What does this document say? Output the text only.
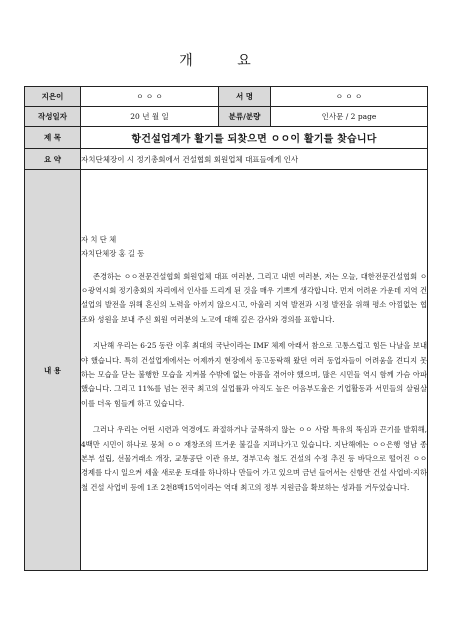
개 요
지은이	ㅇ ㅇ ㅇ	서 명	ㅇ ㅇ ㅇ
작성일자	20 년 월 일	분류/분량	인사문 / 2 page
제 목	항건설업계가 활기를 되찾으면 ㅇㅇ이 활기를 찾습니다		
요 약	자치단체장이 시 정기총회에서 건설협회 회원업체 대표들에게 인사		
내 용	자 치 단 체

자치단체장 홍 길 동

존경하는 ㅇㅇ전문건설협회 회원업체 대표 여러분, 그리고 내빈 여러분, 저는 오늘, 대한전문건설협회 ㅇㅇ광역시회 정기총회의 자리에서 인사를 드리게 된 것을 매우 기쁘게 생각합니다. 먼저 어려운 가운데 지역 건설업의 발전을 위해 혼신의 노력을 아끼지 않으시고, 아울러 지역 발전과 시정 발전을 위해 평소 아낌없는 협조와 성원을 보내 주신 회원 여러분의 노고에 대해 깊은 감사와 경의를 표합니다.

지난해 우리는 6·25 동란 이후 최대의 국난이라는 IMF 체제 아래서 참으로 고통스럽고 힘든 나날을 보내야 했습니다. 특히 건설업계에서는 어제까지 현장에서 동고동락해 왔던 여러 동업자들이 어려움을 견디지 못하는 모습을 닫는 불행한 모습을 지켜볼 수밖에 없는 아픔을 겪어야 했으며, 많은 시민들 역시 함께 가슴 아파했습니다. 그리고 11%를 넘는 전국 최고의 실업률과 아직도 높은 어음부도율은 기업활동과 서민들의 살림살이를 더욱 힘들게 하고 있습니다.

그러나 우리는 어떤 시련과 역경에도 좌절하거나 굴복하지 않는 ㅇㅇ 사람 특유의 뚝심과 끈기를 발휘해, 4백만 시민이 하나로 뭉쳐 ㅇㅇ 재창조의 뜨거운 불길을 지펴나가고 있습니다. 지난해에는 ㅇㅇ은행 영남 종본부 설립, 선물거래소 개장, 교통공단 이관 유보, 경부고속 철도 건설의 수정 추진 등 바닥으로 떨어진 ㅇㅇ 경제를 다시 일으켜 세울 새로운 토대를 하나하나 만들어 가고 있으며 금년 들어서는 신항만 건설 사업비·지하철 건설 사업비 등에 1조 2천8백15억이라는 역대 최고의 정부 지원금을 확보하는 성과를 거두었습니다.		
